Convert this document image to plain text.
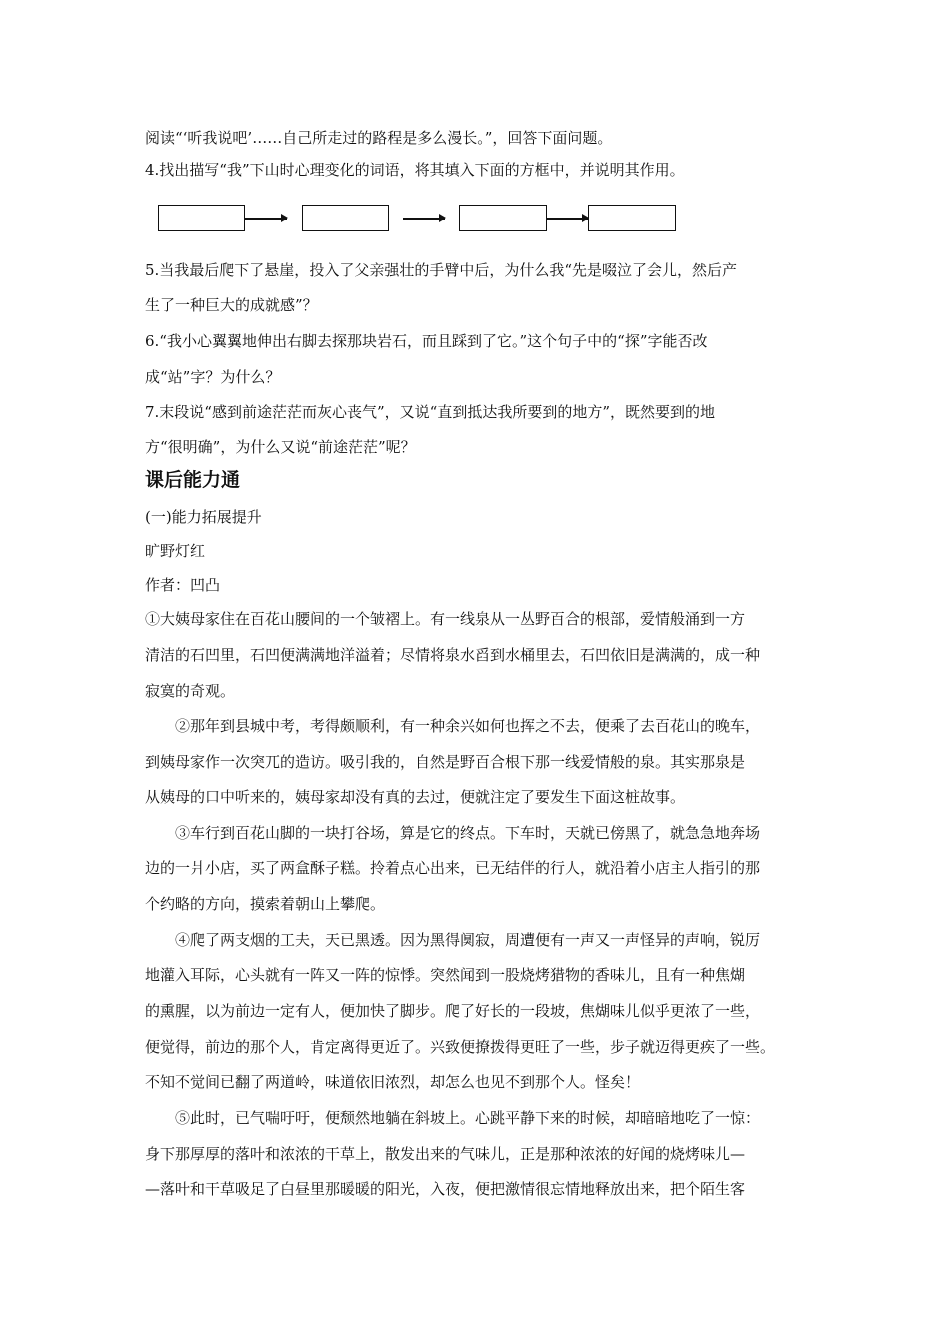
阅读“‘听我说吧’……自己所走过的路程是多么漫长。”，回答下面问题。
4.找出描写“我”下山时心理变化的词语，将其填入下面的方框中，并说明其作用。
5.当我最后爬下了悬崖，投入了父亲强壮的手臂中后，为什么我“先是啜泣了会儿，然后产
生了一种巨大的成就感”？
6.“我小心翼翼地伸出右脚去探那块岩石，而且踩到了它。”这个句子中的“探”字能否改
成“站”字？为什么？
7.末段说“感到前途茫茫而灰心丧气”，又说“直到抵达我所要到的地方”，既然要到的地
方“很明确”，为什么又说“前途茫茫”呢？
课后能力通
(一)能力拓展提升
旷野灯红
作者：凹凸
①大姨母家住在百花山腰间的一个皱褶上。有一线泉从一丛野百合的根部，爱情般涌到一方
清洁的石凹里，石凹便满满地洋溢着；尽情将泉水舀到水桶里去，石凹依旧是满满的，成一种
寂寞的奇观。
　　②那年到县城中考，考得颇顺利，有一种余兴如何也挥之不去，便乘了去百花山的晚车，
到姨母家作一次突兀的造访。吸引我的，自然是野百合根下那一线爱情般的泉。其实那泉是
从姨母的口中听来的，姨母家却没有真的去过，便就注定了要发生下面这桩故事。
　　③车行到百花山脚的一块打谷场，算是它的终点。下车时，天就已傍黑了，就急急地奔场
边的一爿小店，买了两盒酥子糕。拎着点心出来，已无结伴的行人，就沿着小店主人指引的那
个约略的方向，摸索着朝山上攀爬。
　　④爬了两支烟的工夫，天已黑透。因为黑得阒寂，周遭便有一声又一声怪异的声响，锐厉
地灌入耳际，心头就有一阵又一阵的惊悸。突然闻到一股烧烤猎物的香味儿，且有一种焦煳
的熏腥，以为前边一定有人，便加快了脚步。爬了好长的一段坡，焦煳味儿似乎更浓了一些，
便觉得，前边的那个人，肯定离得更近了。兴致便撩拨得更旺了一些，步子就迈得更疾了一些。
不知不觉间已翻了两道岭，味道依旧浓烈，却怎么也见不到那个人。怪矣！
　　⑤此时，已气喘吁吁，便颓然地躺在斜坡上。心跳平静下来的时候，却暗暗地吃了一惊：
身下那厚厚的落叶和浓浓的干草上，散发出来的气味儿，正是那种浓浓的好闻的烧烤味儿—
—落叶和干草吸足了白昼里那暖暖的阳光，入夜，便把激情很忘情地释放出来，把个陌生客
